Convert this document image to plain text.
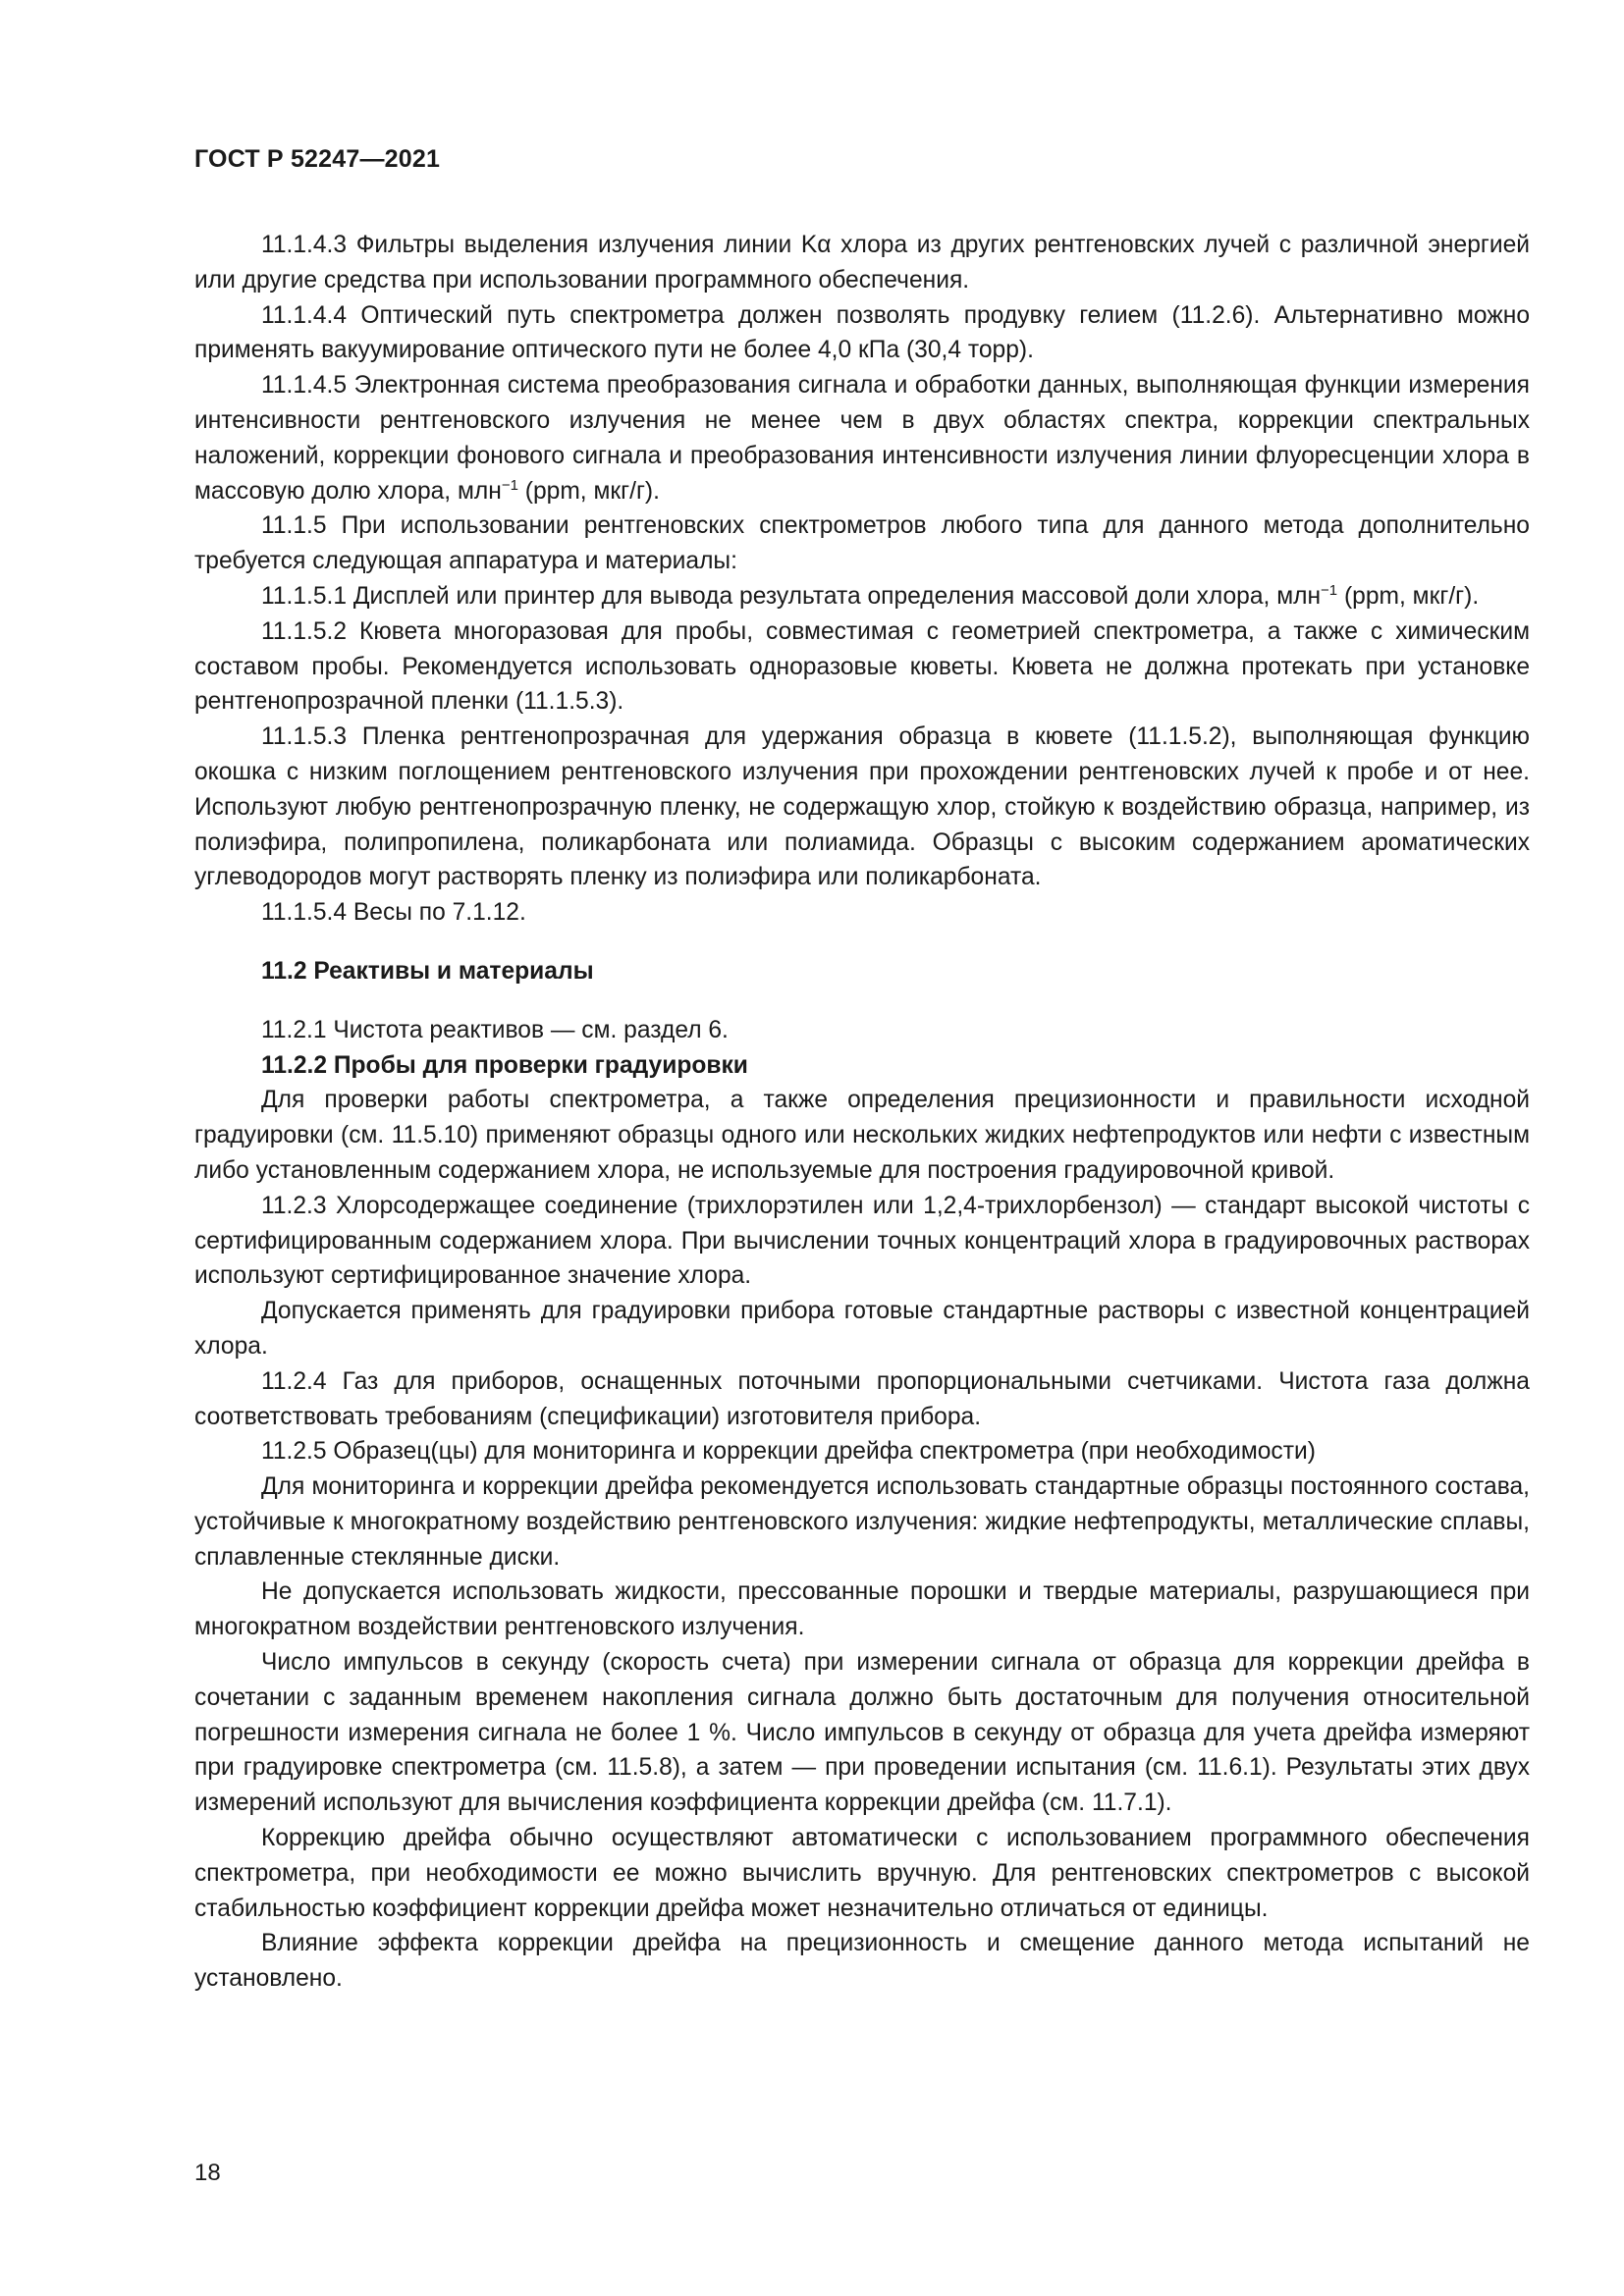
ГОСТ Р 52247—2021

11.1.4.3 Фильтры выделения излучения линии Kα хлора из других рентгеновских лучей с различной энергией или другие средства при использовании программного обеспечения.

11.1.4.4 Оптический путь спектрометра должен позволять продувку гелием (11.2.6). Альтернативно можно применять вакуумирование оптического пути не более 4,0 кПа (30,4 торр).

11.1.4.5 Электронная система преобразования сигнала и обработки данных, выполняющая функции измерения интенсивности рентгеновского излучения не менее чем в двух областях спектра, коррекции спектральных наложений, коррекции фонового сигнала и преобразования интенсивности излучения линии флуоресценции хлора в массовую долю хлора, млн$^{-1}$ (ppm, мкг/г).

11.1.5 При использовании рентгеновских спектрометров любого типа для данного метода дополнительно требуется следующая аппаратура и материалы:

11.1.5.1 Дисплей или принтер для вывода результата определения массовой доли хлора, млн$^{-1}$ (ppm, мкг/г).

11.1.5.2 Кювета многоразовая для пробы, совместимая с геометрией спектрометра, а также с химическим составом пробы. Рекомендуется использовать одноразовые кюветы. Кювета не должна протекать при установке рентгенопрозрачной пленки (11.1.5.3).

11.1.5.3 Пленка рентгенопрозрачная для удержания образца в кювете (11.1.5.2), выполняющая функцию окошка с низким поглощением рентгеновского излучения при прохождении рентгеновских лучей к пробе и от нее. Используют любую рентгенопрозрачную пленку, не содержащую хлор, стойкую к воздействию образца, например, из полиэфира, полипропилена, поликарбоната или полиамида. Образцы с высоким содержанием ароматических углеводородов могут растворять пленку из полиэфира или поликарбоната.

11.1.5.4 Весы по 7.1.12.

11.2 Реактивы и материалы

11.2.1 Чистота реактивов — см. раздел 6.

11.2.2 Пробы для проверки градуировки

Для проверки работы спектрометра, а также определения прецизионности и правильности исходной градуировки (см. 11.5.10) применяют образцы одного или нескольких жидких нефтепродуктов или нефти с известным либо установленным содержанием хлора, не используемые для построения градуировочной кривой.

11.2.3 Хлорсодержащее соединение (трихлорэтилен или 1,2,4-трихлорбензол) — стандарт высокой чистоты с сертифицированным содержанием хлора. При вычислении точных концентраций хлора в градуировочных растворах используют сертифицированное значение хлора.

Допускается применять для градуировки прибора готовые стандартные растворы с известной концентрацией хлора.

11.2.4 Газ для приборов, оснащенных поточными пропорциональными счетчиками. Чистота газа должна соответствовать требованиям (спецификации) изготовителя прибора.

11.2.5 Образец(цы) для мониторинга и коррекции дрейфа спектрометра (при необходимости)

Для мониторинга и коррекции дрейфа рекомендуется использовать стандартные образцы постоянного состава, устойчивые к многократному воздействию рентгеновского излучения: жидкие нефтепродукты, металлические сплавы, сплавленные стеклянные диски.

Не допускается использовать жидкости, прессованные порошки и твердые материалы, разрушающиеся при многократном воздействии рентгеновского излучения.

Число импульсов в секунду (скорость счета) при измерении сигнала от образца для коррекции дрейфа в сочетании с заданным временем накопления сигнала должно быть достаточным для получения относительной погрешности измерения сигнала не более 1 %. Число импульсов в секунду от образца для учета дрейфа измеряют при градуировке спектрометра (см. 11.5.8), а затем — при проведении испытания (см. 11.6.1). Результаты этих двух измерений используют для вычисления коэффициента коррекции дрейфа (см. 11.7.1).

Коррекцию дрейфа обычно осуществляют автоматически с использованием программного обеспечения спектрометра, при необходимости ее можно вычислить вручную. Для рентгеновских спектрометров с высокой стабильностью коэффициент коррекции дрейфа может незначительно отличаться от единицы.

Влияние эффекта коррекции дрейфа на прецизионность и смещение данного метода испытаний не установлено.

18
